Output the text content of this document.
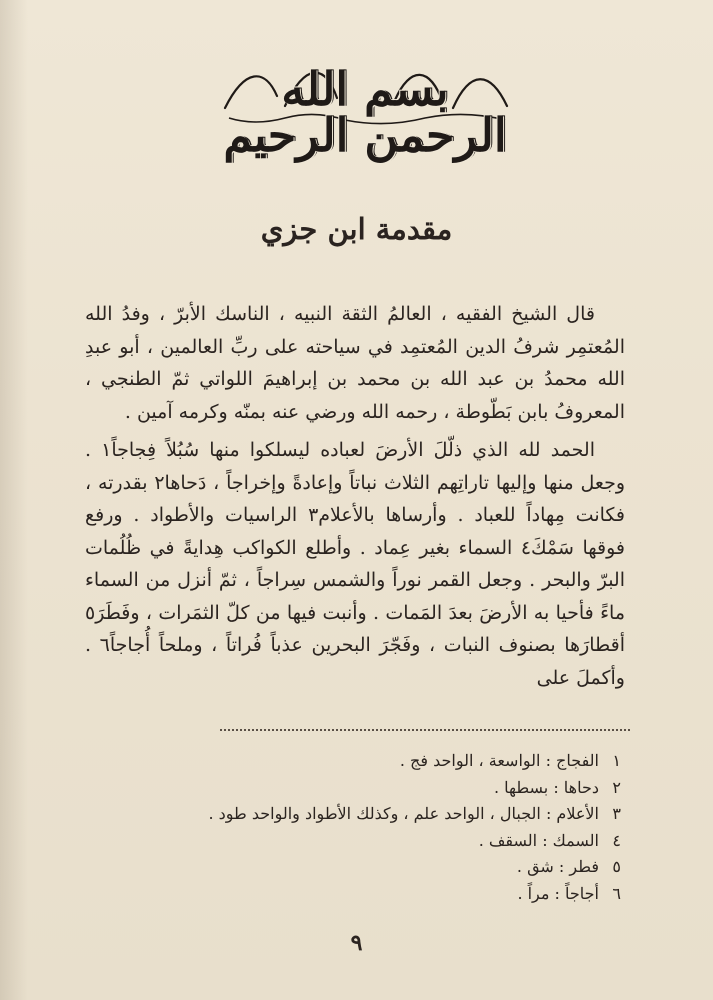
بسم الله الرحمن الرحيم
مقدمة ابن جزي

قال الشيخ الفقيه ، العالمُ الثقة النبيه ، الناسك الأبرّ ، وفدُ الله المُعتمِر شرفُ الدين المُعتمِد في سياحته على ربِّ العالمين ، أبو عبدِ الله محمدُ بن عبد الله بن محمد بن إبراهيمَ اللواتي ثمّ الطنجي ، المعروفُ بابن بَطّوطة ، رحمه الله ورضي عنه بمنّه وكرمه آمين .

الحمد لله الذي ذلّلَ الأرضَ لعباده ليسلكوا منها سُبُلاً فِجاجاً١ . وجعل منها وإليها تاراتِهم الثلاث نباتاً وإعادةً وإخراجاً ، دَحاها٢ بقدرته ، فكانت مِهاداً للعباد . وأرساها بالأعلام٣ الراسيات والأطواد . ورفع فوقها سَمْكَ٤ السماء بغير عِماد . وأطلع الكواكب هِدايةً في ظُلُمات البرّ والبحر . وجعل القمر نوراً والشمس سِراجاً ، ثمّ أنزل من السماء ماءً فأحيا به الأرضَ بعدَ المَمات . وأنبت فيها من كلّ الثمَرات ، وفَطَرَ٥ أقطارَها بصنوف النبات ، وفَجّرَ البحرين عذباً فُراتاً ، وملحاً أُجاجاً٦ . وأكملَ على

١الفجاج : الواسعة ، الواحد فج .
٢دحاها : بسطها .
٣الأعلام : الجبال ، الواحد علم ، وكذلك الأطواد والواحد طود .
٤السمك : السقف .
٥فطر : شق .
٦أجاجاً : مراً .
٩
